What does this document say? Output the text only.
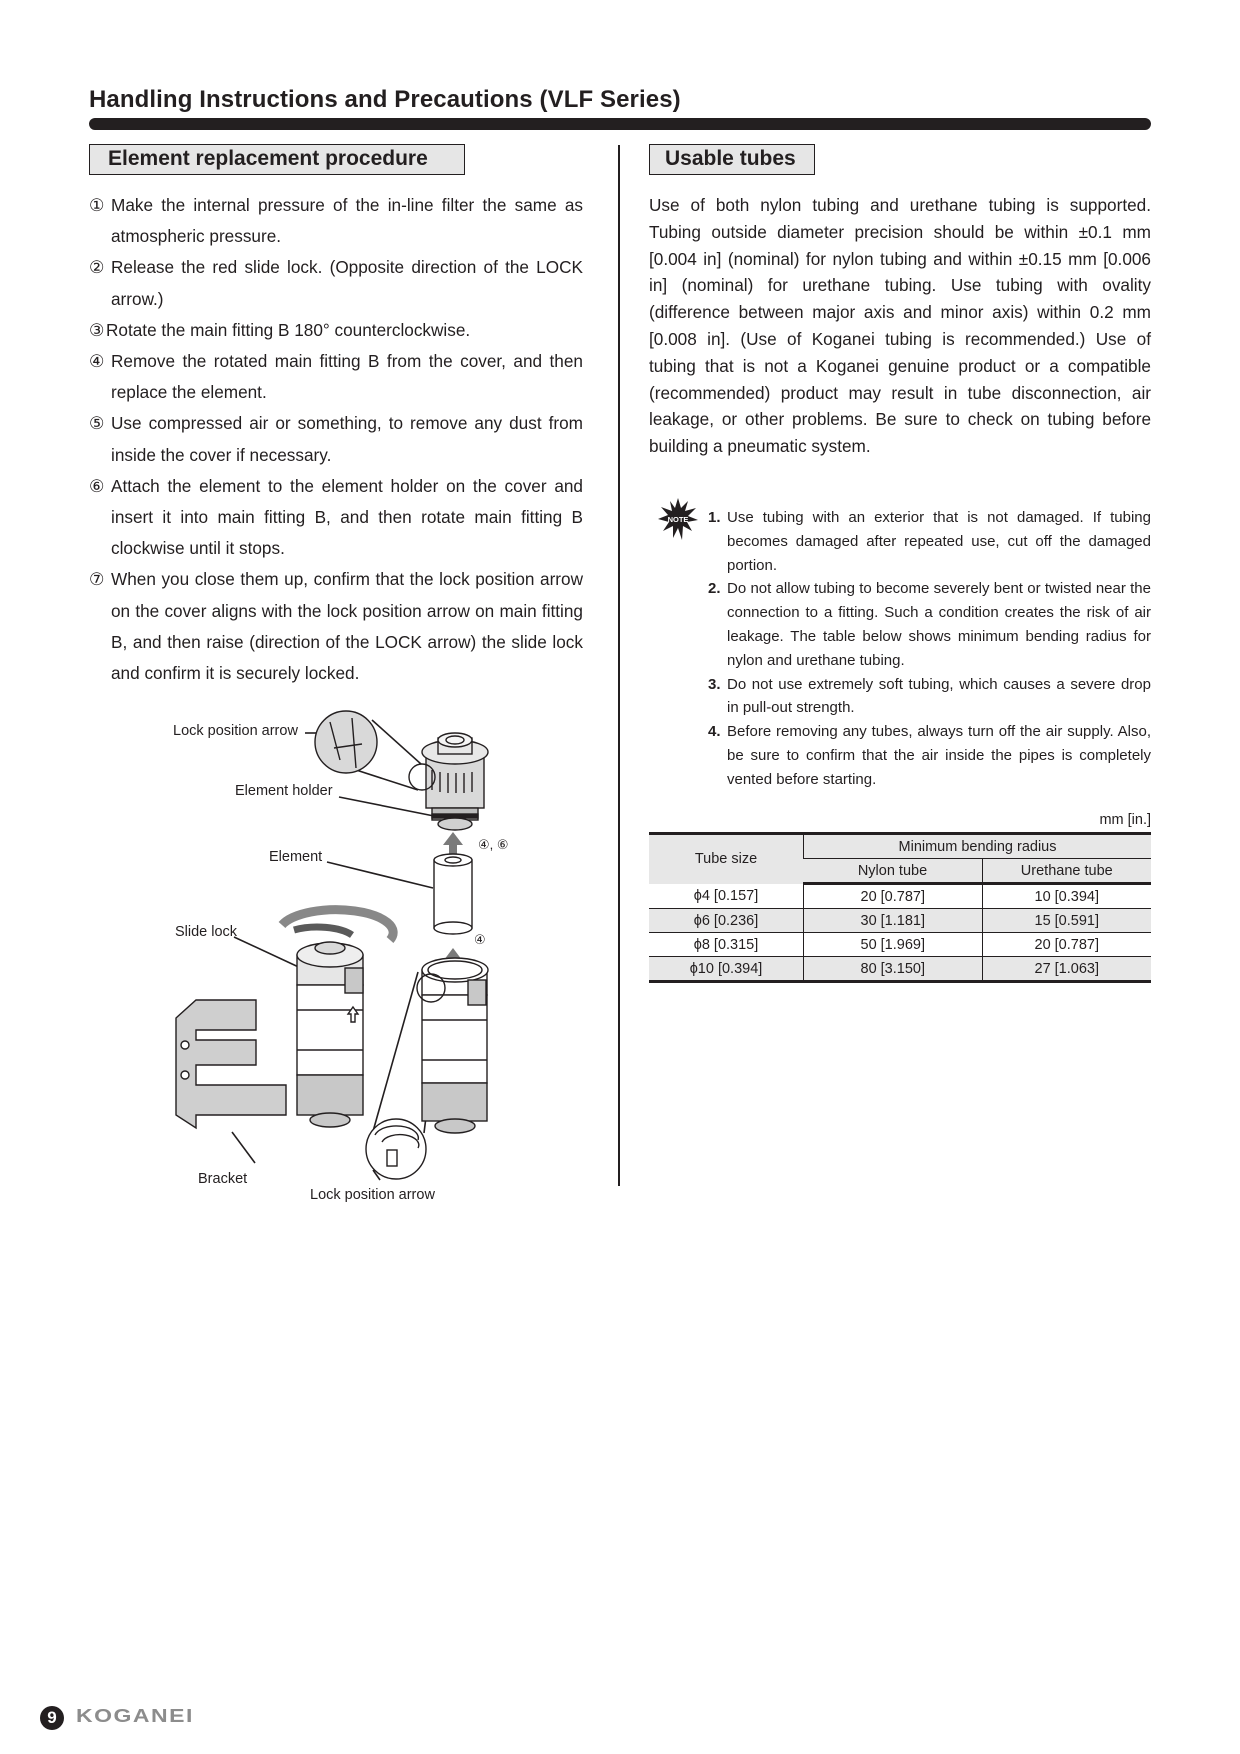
Handling Instructions and Precautions (VLF Series)
Element replacement procedure
① Make the internal pressure of the in-line filter the same as atmospheric pressure.
② Release the red slide lock. (Opposite direction of the LOCK arrow.)
③ Rotate the main fitting B 180° counterclockwise.
④ Remove the rotated main fitting B from the cover, and then replace the element.
⑤ Use compressed air or something, to remove any dust from inside the cover if necessary.
⑥ Attach the element to the element holder on the cover and insert it into main fitting B, and then rotate main fitting B clockwise until it stops.
⑦ When you close them up, confirm that the lock position arrow on the cover aligns with the lock position arrow on main fitting B, and then raise (direction of the LOCK arrow) the slide lock and confirm it is securely locked.
Lock position arrow
Element holder
Element
④, ⑥
Slide lock	④
Bracket
Lock position arrow
Usable tubes

Use of both nylon tubing and urethane tubing is supported. Tubing outside diameter precision should be within ±0.1 mm [0.004 in] (nominal) for nylon tubing and within ±0.15 mm [0.006 in] (nominal) for urethane tubing. Use tubing with ovality (difference between major axis and minor axis) within 0.2 mm [0.008 in]. (Use of Koganei tubing is recommended.) Use of tubing that is not a Koganei genuine product or a compatible (recommended) product may result in tube disconnection, air leakage, or other problems. Be sure to check on tubing before building a pneumatic system.

NOTE 1. Use tubing with an exterior that is not damaged. If tubing becomes damaged after repeated use, cut off the damaged portion.
2. Do not allow tubing to become severely bent or twisted near the connection to a fitting. Such a condition creates the risk of air leakage. The table below shows minimum bending radius for nylon and urethane tubing.
3. Do not use extremely soft tubing, which causes a severe drop in pull-out strength.
4. Before removing any tubes, always turn off the air supply. Also, be sure to confirm that the air inside the pipes is completely vented before starting.
mm [in.]
Tube size	Minimum bending radius	
	Nylon tube	Urethane tube
ϕ4 [0.157]	20 [0.787]	10 [0.394]
ϕ6 [0.236]	30 [1.181]	15 [0.591]
ϕ8 [0.315]	50 [1.969]	20 [0.787]
ϕ10 [0.394]	80 [3.150]	27 [1.063]
9 KOGANEI
